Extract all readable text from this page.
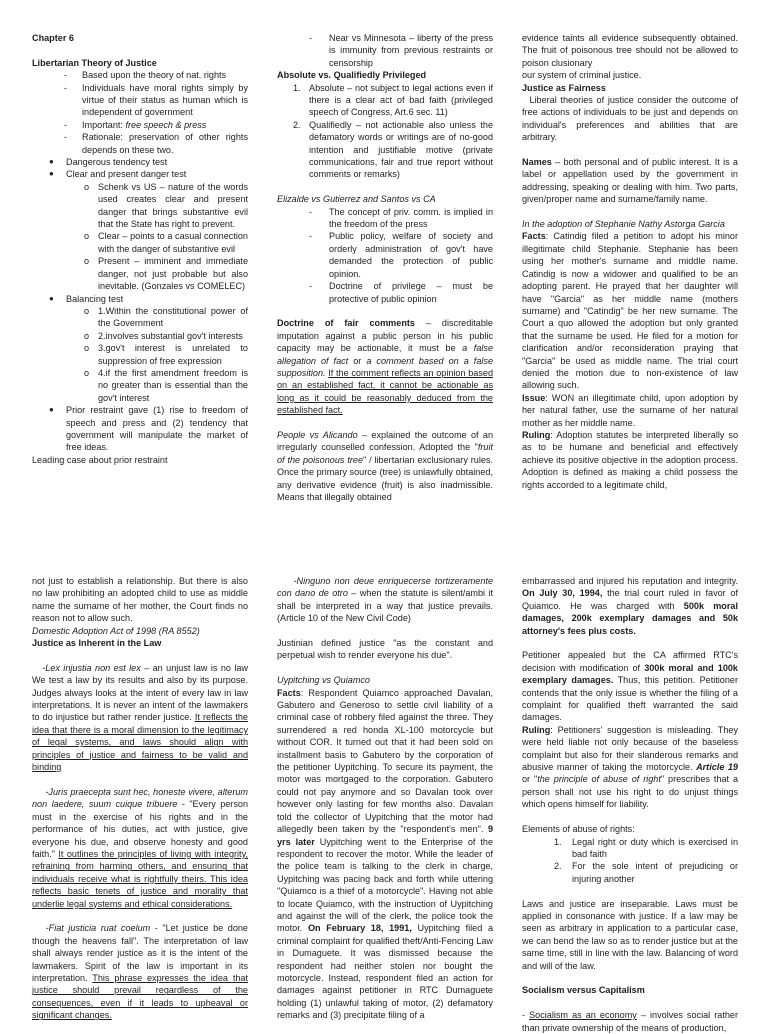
Chapter 6

Libertarian Theory of Justice

-	Based upon the theory of nat. rights
-	Individuals have moral rights simply by virtue of their status as human which is independent of government
-	Important: free speech & press
-	Rationale: preservation of other rights depends on these two.
●	Dangerous tendency test
●	Clear and present danger test
o Schenk vs US – nature of the words used creates clear and present danger that brings substantive evil that the State has right to prevent.
o Clear – points to a casual connection with the danger of substantive evil
o Present – imminent and immediate danger, not just probable but also inevitable. (Gonzales vs COMELEC)
●	Balancing test
o 1.Within the constitutional power of the Government
o 2.involves substantial gov't interests
o 3.gov't interest is unrelated to suppression of free expression
o 4.if the first amendment freedom is no greater than is essential than the gov't interest
●	Prior restraint gave (1) rise to freedom of speech and press and (2) tendency that government will manipulate the market of free ideas.

Leading case about prior restraint

-	Near vs Minnesota – liberty of the press is immunity from previous restraints or censorship

Absolute vs. Qualifiedly Privileged

1. Absolute – not subject to legal actions even if there is a clear act of bad faith (privileged speech of Congress, Art.6 sec. 11)
2. Qualifiedly – not actionable also unless the defamatory words or writings are of no-good intention and justifiable motive (private communications, fair and true report without comments or remarks)

Elizalde vs Gutierrez and Santos vs CA

-	The concept of priv. comm. is implied in the freedom of the press
-	Public policy, welfare of society and orderly administration of gov't have demanded the protection of public opinion.
-	Doctrine of privilege – must be protective of public opinion

Doctrine of fair comments – discreditable imputation against a public person in his public capacity may be actionable, it must be a false allegation of fact or a comment based on a false supposition. If the comment reflects an opinion based on an established fact, it cannot be actionable as long as it could be reasonably deduced from the established fact.

People vs Alicando – explained the outcome of an irregularly counselled confession. Adopted the "fruit of the poisonous tree" / libertarian exclusionary rules. Once the primary source (tree) is unlawfully obtained, any derivative evidence (fruit) is also inadmissible. Means that illegally obtained

evidence taints all evidence subsequently obtained. The fruit of poisonous tree should not be allowed to poison clusionary

our system of criminal justice.

Justice as Fairness

Liberal theories of justice consider the outcome of free actions of individuals to be just and depends on individual's preferences and abilities that are arbitrary.

Names – both personal and of public interest. It is a label or appellation used by the government in addressing, speaking or dealing with him. Two parts, given/proper name and surname/family name.

In the adoption of Stephanie Nathy Astorga Garcia

Facts: Catindig filed a petition to adopt his minor illegitimate child Stephanie. Stephanie has been using her mother's surname and middle name. Catindig is now a widower and qualified to be an adopting parent. He prayed that her daughter will have "Garcia" as her middle name (mothers surname) and "Catindig" be her new surname. The Court a quo allowed the adoption but only granted that the surname be used. He filed for a motion for clarification and/or reconsideration praying that "Garcia" be used as middle name. The trial court denied the motion due to non-existence of law allowing such.

Issue: WON an illegitimate child, upon adoption by her natural father, use the surname of her natural mother as her middle name.

Ruling: Adoption statutes be interpreted liberally so as to be humane and beneficial and effectively achieve its positive objective in the adoption process. Adoption is defined as making a child possess the rights accorded to a legitimate child,

not just to establish a relationship. But there is also no law prohibiting an adopted child to use as middle name the surname of her mother, the Court finds no reason not to allow such.

Domestic Adoption Act of 1998 (RA 8552)

Justice as Inherent in the Law

-Lex injustia non est lex – an unjust law is no law We test a law by its results and also by its purpose. Judges always looks at the intent of every law in law interpretations. It is never an intent of the lawmakers to do injustice but rather render justice. It reflects the idea that there is a moral dimension to the legitimacy of legal systems, and laws should align with principles of justice and fairness to be valid and binding

-Juris praecepta sunt hec, honeste vivere, alterum non laedere, suum cuique tribuere - "Every person must in the exercise of his rights and in the performance of his duties, act with justice, give everyone his due, and observe honesty and good faith." It outlines the principles of living with integrity, refraining from harming others, and ensuring that individuals receive what is rightfully theirs. This idea reflects basic tenets of justice and morality that underlie legal systems and ethical considerations.

-Fiat justicia ruat coelum - "Let justice be done though the heavens fall". The interpretation of law shall always render justice as it is the intent of the lawmakers. Spirit of the law is important in its interpretation. This phrase expresses the idea that justice should prevail regardless of the consequences, even if it leads to upheaval or significant changes.

-Ninguno non deue enriquecerse tortizeramente con dano de otro – when the statute is silent/ambi it shall be interpreted in a way that justice prevails. (Article 10 of the New Civil Code)

Justinian defined justice "as the constant and perpetual wish to render everyone his due".

Uypitching vs Quiamco

Facts: Respondent Quiamco approached Davalan, Gabutero and Generoso to settle civil liability of a criminal case of robbery filed against the three. They surrendered a red honda XL-100 motorcycle but without COR. It turned out that it had been sold on installment basis to Gabutero by the corporation of the petitioner Uypitching. To secure its payment, the motor was mortgaged to the corporation. Gabutero could not pay anymore and so Davalan took over however only lasting for few months also. Davalan told the collector of Uypitching that the motor had allegedly been taken by the "respondent's men". 9 yrs later Uypitching went to the Enterprise of the respondent to recover the motor. While the leader of the police team is talking to the clerk in charge, Uypitching was pacing back and forth while uttering "Quiamco is a thief of a motorcycle". Having not able to locate Quiamco, with the instruction of Uypitching and against the will of the clerk, the police took the motor. On February 18, 1991, Uypitching filed a criminal complaint for qualified theft/Anti-Fencing Law in Dumaguete. It was dismissed because the respondent had neither stolen nor bought the motorcycle. Instead, respondent filed an action for damages against petitioner in RTC Dumaguete holding (1) unlawful taking of motor, (2) defamatory remarks and (3) precipitate filing of a

embarrassed and injured his reputation and integrity. On July 30, 1994, the trial court ruled in favor of Quiamco. He was charged with 500k moral damages, 200k exemplary damages and 50k attorney's fees plus costs.

Petitioner appealed but the CA affirmed RTC's decision with modification of 300k moral and 100k exemplary damages. Thus, this petition. Petitioner contends that the only issue is whether the filing of a complaint for qualified theft warranted the said damages.

Ruling: Petitioners' suggestion is misleading. They were held liable not only because of the baseless complaint but also for their slanderous remarks and abusive manner of taking the motorcycle. Article 19 or "the principle of abuse of right" prescribes that a person shall not use his right to do unjust things which opens himself for liability.

Elements of abuse of rights:

1.	Legal right or duty which is exercised in bad faith
2.	For the sole intent of prejudicing or injuring another

Laws and justice are inseparable. Laws must be applied in consonance with justice. If a law may be seen as arbitrary in application to a particular case, we can bend the law so as to render justice but at the same time, still in line with the law. Balancing of word and will of the law.

Socialism versus Capitalism

- Socialism as an economy – involves social rather than private ownership of the means of production,
